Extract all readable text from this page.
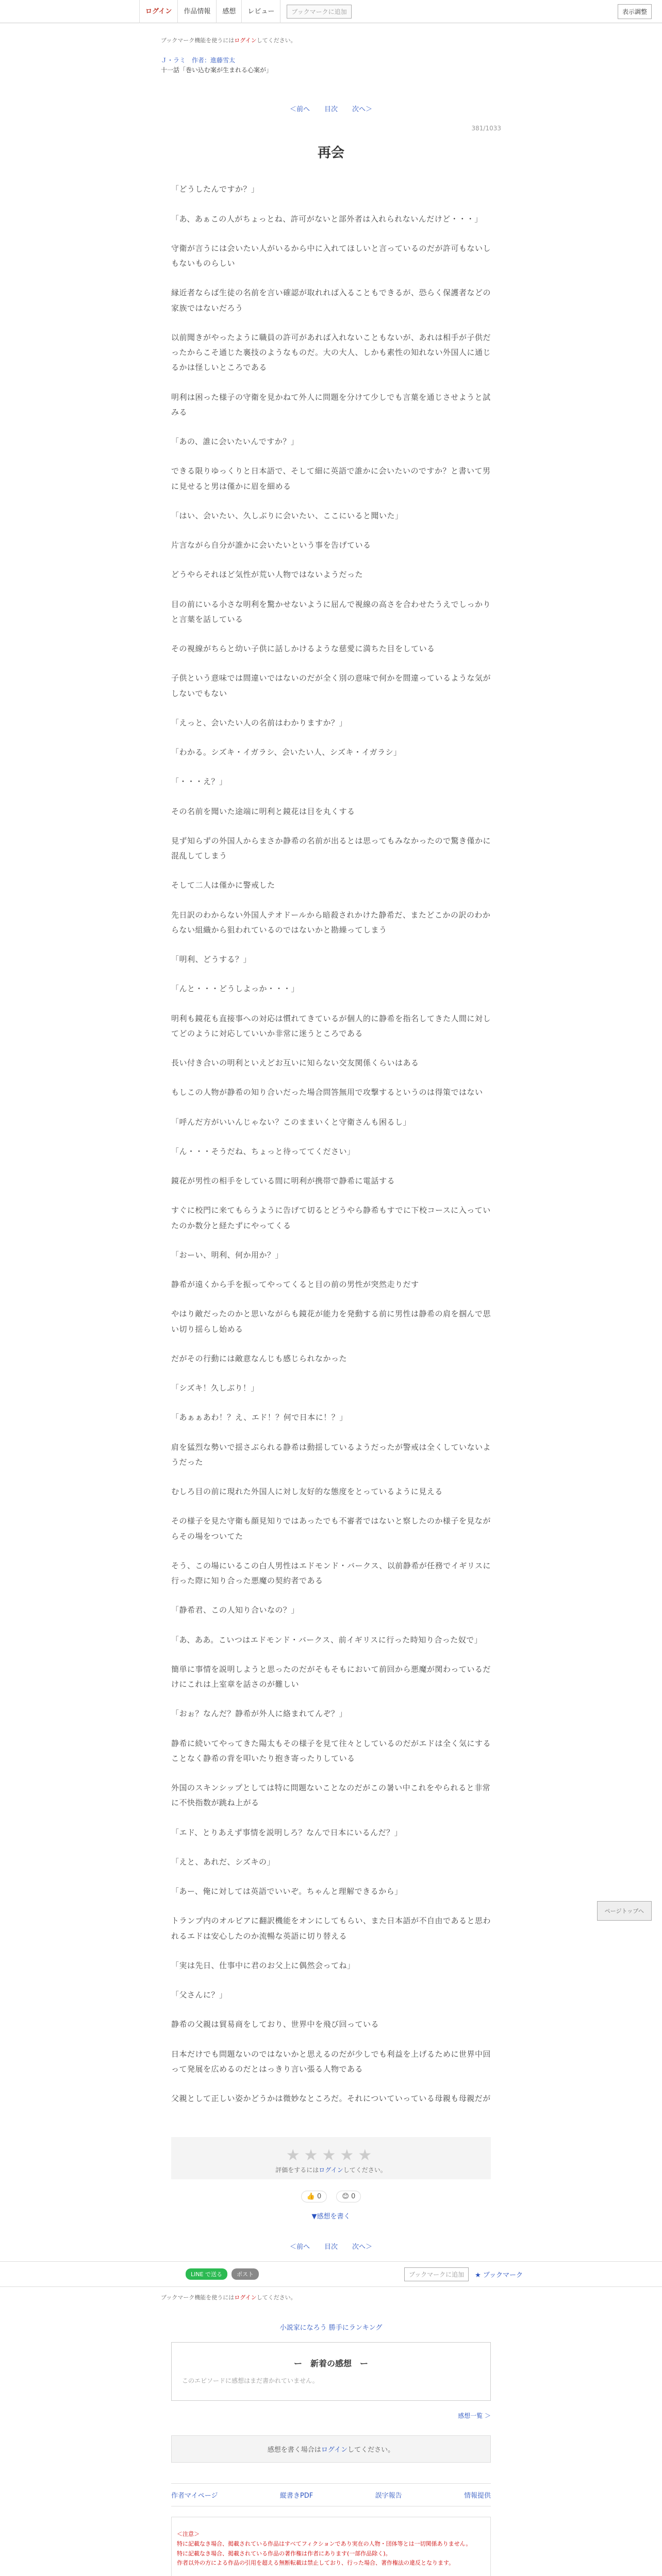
ログイン	作品情報	感想	レビュー	ブックマークに追加	表示調整
ブックマーク機能を使うにはログインしてください。
Ｊ・ラミ　作者：進藤雪太
十一話「巻い込む案が生まれる心案が」
＜前へ 目次 次へ＞
381/1033
再会

「どうしたんですか？」

「あ、あぁこの人がちょっとね、許可がないと部外者は入れられないんだけど・・・」

守衛が言うには会いたい人がいるから中に入れてほしいと言っているのだが許可もないしもないものらしい

縁近者ならば生徒の名前を言い確認が取れれば入ることもできるが、恐らく保護者などの家族ではないだろう

以前聞きがやったように職員の許可があれば入れないこともないが、あれは相手が子供だったからこそ通じた裏技のようなものだ。大の大人、しかも素性の知れない外国人に通じるかは怪しいところである

明利は困った様子の守衛を見かねて外人に問題を分けて少しでも言葉を通じさせようと試みる

「あの、誰に会いたいんですか？」

できる限りゆっくりと日本語で、そして細に英語で誰かに会いたいのですか？と書いて男に見せると男は僅かに眉を細める

「はい、会いたい、久しぶりに会いたい、ここにいると聞いた」

片言ながら自分が誰かに会いたいという事を告げている

どうやらそれほど気性が荒い人物ではないようだった

目の前にいる小さな明利を驚かせないように屈んで視線の高さを合わせたうえでしっかりと言葉を話している

その視線がちらと幼い子供に話しかけるような慈愛に満ちた目をしている

子供という意味では間違いではないのだが全く別の意味で何かを間違っているような気がしないでもない

「えっと、会いたい人の名前はわかりますか？」

「わかる。シズキ・イガラシ、会いたい人、シズキ・イガラシ」

「・・・え？」

その名前を聞いた途端に明利と鏡花は目を丸くする

見ず知らずの外国人からまさか静希の名前が出るとは思ってもみなかったので驚き僅かに混乱してしまう

そして二人は僅かに警戒した

先日訳のわからない外国人テオドールから暗殺されかけた静希だ、またどこかの訳のわからない組織から狙われているのではないかと勘繰ってしまう

「明利、どうする？」

「んと・・・どうしよっか・・・」

明利も鏡花も直接事への対応は慣れてきているが個人的に静希を指名してきた人間に対してどのように対応していいか非常に迷うところである

長い付き合いの明利といえどお互いに知らない交友関係くらいはある

もしこの人物が静希の知り合いだった場合問答無用で攻撃するというのは得策ではない

「呼んだ方がいいんじゃない？このままいくと守衛さんも困るし」

「ん・・・そうだね、ちょっと待っててください」

鏡花が男性の相手をしている間に明利が携帯で静希に電話する

すぐに校門に来てもらうように告げて切るとどうやら静希もすでに下校コースに入っていたのか数分と経たずにやってくる

「おーい、明利、何か用か？」

静希が遠くから手を振ってやってくると目の前の男性が突然走りだす

やはり敵だったのかと思いながらも鏡花が能力を発動する前に男性は静希の肩を掴んで思い切り揺らし始める

だがその行動には敵意なんじも感じられなかった

「シズキ！久しぶり！」

「あぁぁあわ！？え、エド！？何で日本に！？」

肩を猛烈な勢いで揺さぶられる静希は動揺しているようだったが警戒は全くしていないようだった

むしろ目の前に現れた外国人に対し友好的な態度をとっているように見える

その様子を見た守衛も顔見知りではあったでも不審者ではないと察したのか様子を見ながらその場をついてた

そう、この場にいるこの白人男性はエドモンド・バークス、以前静希が任務でイギリスに行った際に知り合った悪魔の契約者である

「静希君、この人知り合いなの？」

「あ、ああ。こいつはエドモンド・バークス、前イギリスに行った時知り合った奴で」

簡単に事情を説明しようと思ったのだがそもそもにおいて前回から悪魔が関わっているだけにこれは上室章を話さのが難しい

「おぉ？なんだ？静希が外人に絡まれてんぞ？」

静希に続いてやってきた陽太もその様子を見て往々としているのだがエドは全く気にすることなく静希の背を叩いたり抱き寄ったりしている

外国のスキンシップとしては特に問題ないことなのだがこの暑い中これをやられると非常に不快指数が跳ね上がる

「エド、とりあえず事情を説明しろ？なんで日本にいるんだ？」

「えと、あれだ、シズキの」

「あー、俺に対しては英語でいいぞ。ちゃんと理解できるから」

トランプ内のオルビアに翻訳機能をオンにしてもらい、また日本語が不自由であると思われるエドは安心したのか流暢な英語に切り替える

「実は先日、仕事中に君のお父上に偶然会ってね」

「父さんに？」

静希の父親は貿易商をしており、世界中を飛び回っている

日本だけでも問題ないのではないかと思えるのだが少しでも利益を上げるために世界中回って発展を広めるのだとはっきり言い張る人物である

父親として正しい姿かどうかは微妙なところだ。それについていっている母親も母親だが

★★★★★
評価をするにはログインしてください。
👍 0	😊 0
▼感想を書く
＜前へ 目次 次へ＞
LINE で送る	ポスト	ブックマークに追加	★ ブックマーク
ブックマーク機能を使うにはログインしてください。
小説家になろう 勝手にランキング
ー　新着の感想　ー
このエピソードに感想はまだ書かれていません。
感想一覧 ＞
感想を書く場合はログインしてください。
作者マイページ	縦書きPDF	誤字報告	情報提供
＜注意＞
特に記載なき場合、掲載されている作品はすべてフィクションであり実在の人物・団体等とは一切関係ありません。
特に記載なき場合、掲載されている作品の著作権は作者にあります(一部作品除く)。
作者以外の方による作品の引用を超える無断転載は禁止しており、行った場合、著作権法の違反となります。

ページトップへ
